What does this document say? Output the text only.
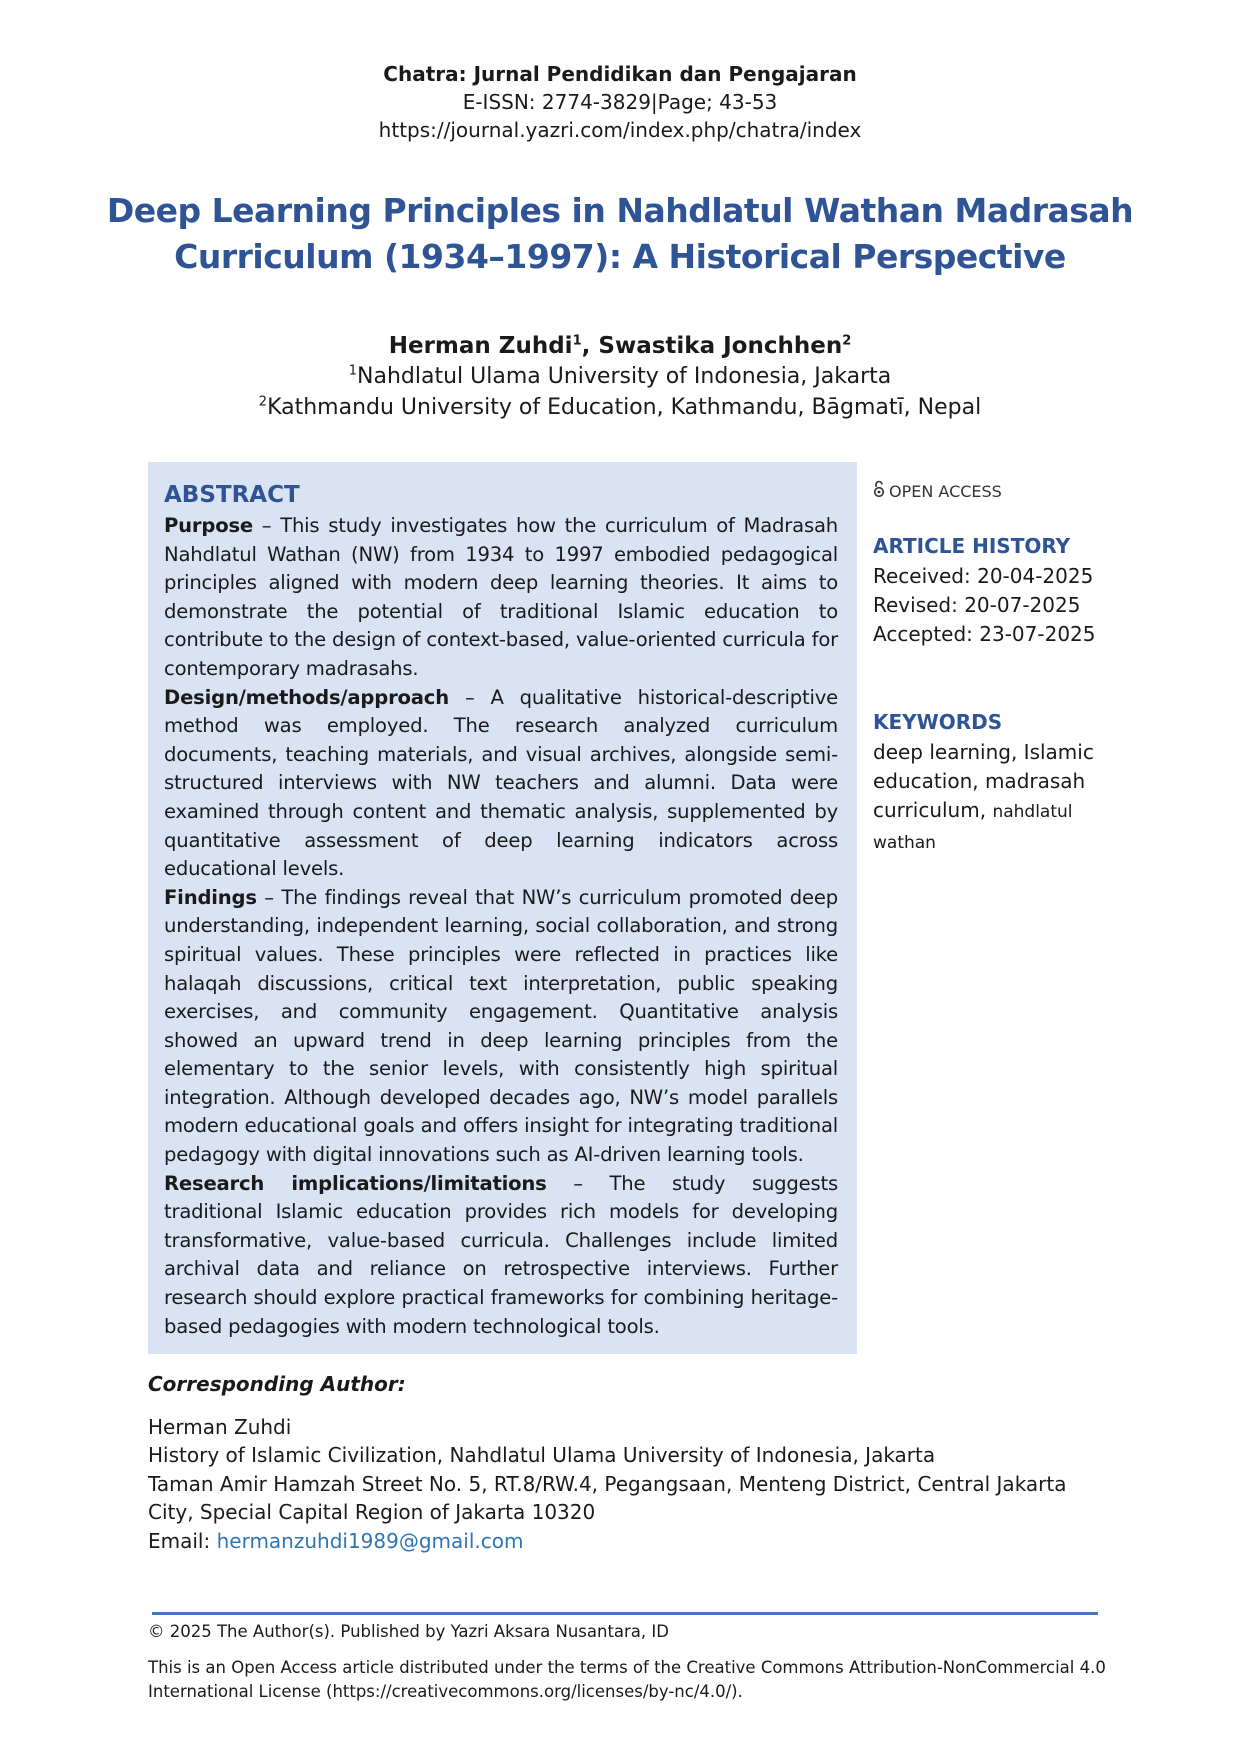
Chatra: Jurnal Pendidikan dan Pengajaran
E-ISSN: 2774-3829|Page; 43-53
https://journal.yazri.com/index.php/chatra/index
Deep Learning Principles in Nahdlatul Wathan Madrasah
Curriculum (1934–1997): A Historical Perspective
Herman Zuhdi$^1$, Swastika Jonchhen$^2$
$^1$Nahdlatul Ulama University of Indonesia, Jakarta
$^2$Kathmandu University of Education, Kathmandu, Bāgmatī, Nepal
ABSTRACT

Purpose – This study investigates how the curriculum of Madrasah Nahdlatul Wathan (NW) from 1934 to 1997 embodied pedagogical principles aligned with modern deep learning theories. It aims to demonstrate the potential of traditional Islamic education to contribute to the design of context-based, value-oriented curricula for contemporary madrasahs.

Design/methods/approach – A qualitative historical-descriptive method was employed. The research analyzed curriculum documents, teaching materials, and visual archives, alongside semi-structured interviews with NW teachers and alumni. Data were examined through content and thematic analysis, supplemented by quantitative assessment of deep learning indicators across educational levels.

Findings – The findings reveal that NW’s curriculum promoted deep understanding, independent learning, social collaboration, and strong spiritual values. These principles were reflected in practices like halaqah discussions, critical text interpretation, public speaking exercises, and community engagement. Quantitative analysis showed an upward trend in deep learning principles from the elementary to the senior levels, with consistently high spiritual integration. Although developed decades ago, NW’s model parallels modern educational goals and offers insight for integrating traditional pedagogy with digital innovations such as AI-driven learning tools.

Research implications/limitations – The study suggests traditional Islamic education provides rich models for developing transformative, value-based curricula. Challenges include limited archival data and reliance on retrospective interviews. Further research should explore practical frameworks for combining heritage-based pedagogies with modern technological tools.

OPEN ACCESS
ARTICLE HISTORY
Received: 20-04-2025
Revised: 20-07-2025
Accepted: 23-07-2025
KEYWORDS
deep learning, Islamic education, madrasah curriculum, nahdlatul wathan
Corresponding Author:
Herman Zuhdi
History of Islamic Civilization, Nahdlatul Ulama University of Indonesia, Jakarta
Taman Amir Hamzah Street No. 5, RT.8/RW.4, Pegangsaan, Menteng District, Central Jakarta City, Special Capital Region of Jakarta 10320
Email: hermanzuhdi1989@gmail.com
© 2025 The Author(s). Published by Yazri Aksara Nusantara, ID
This is an Open Access article distributed under the terms of the Creative Commons Attribution-NonCommercial 4.0 International License (https://creativecommons.org/licenses/by-nc/4.0/).
